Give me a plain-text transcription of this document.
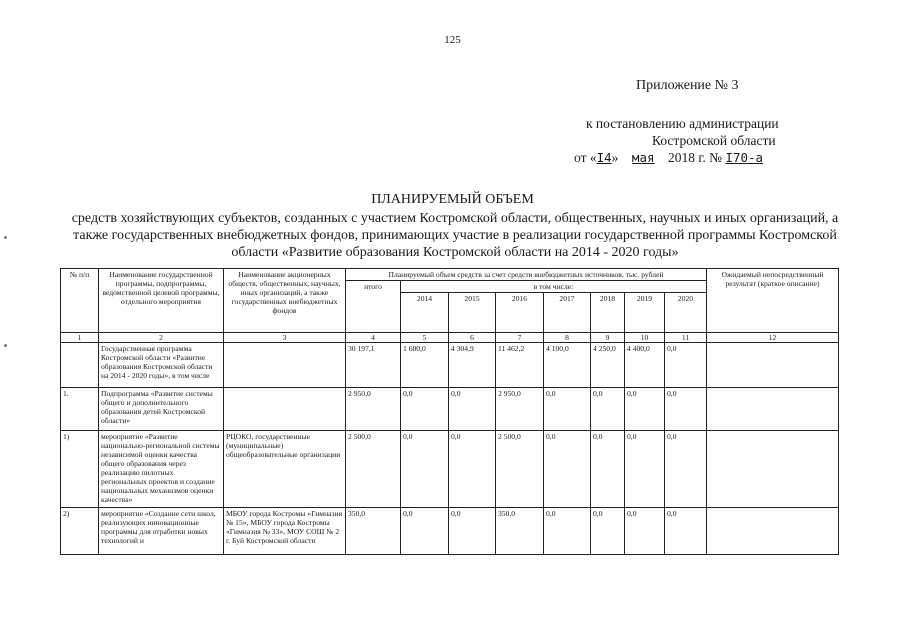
125
Приложение № 3
к постановлению администрации
Костромской области
от «I4» мая 2018 г. № I70-а
ПЛАНИРУЕМЫЙ ОБЪЕМ
средств хозяйствующих субъектов, созданных с участием Костромской области, общественных, научных и иных организаций, а также государственных внебюджетных фондов, принимающих участие в реализации государственной программы Костромской области «Развитие образования Костромской области на 2014 - 2020 годы»
№ п/п	Наименование государственной программы, подпрограммы, ведомственной целевой программы, отдельного мероприятия	Наименование акционерных обществ, общественных, научных, иных организаций, а также государственных внебюджетных фондов	Планируемый объем средств за счет средств внебюджетных источников, тыс. рублей								Ожидаемый непосредственный результат (краткое описание)
			итого	в том числе:							
				2014	2015	2016	2017	2018	2019	2020	
1	2	3	4	5	6	7	8	9	10	11	12
	Государственная программа Костромской области «Развитие образования Костромской области на 2014 - 2020 годы», в том числе		30 197,1	1 680,0	4 304,9	11 462,2	4 100,0	4 250,0	4 400,0	0,0	
1.	Подпрограмма «Развитие системы общего и дополнительного образования детей Костромской области»		2 950,0	0,0	0,0	2 950,0	0,0	0,0	0,0	0,0	
1)	мероприятие «Развитие национально-региональной системы независимой оценки качества общего образования через реализацию пилотных региональных проектов и создание национальных механизмов оценки качества»	РЦОКО, государственные (муниципальные) общеобразовательные организации	2 500,0	0,0	0,0	2 500,0	0,0	0,0	0,0	0,0	
2)	мероприятие «Создание сети школ, реализующих инновационные программы для отработки новых технологий и	МБОУ города Костромы «Гимназия № 15», МБОУ города Костромы «Гимназия № 33», МОУ СОШ № 2 г. Буй Костромской области	350,0	0,0	0,0	350,0	0,0	0,0	0,0	0,0	
